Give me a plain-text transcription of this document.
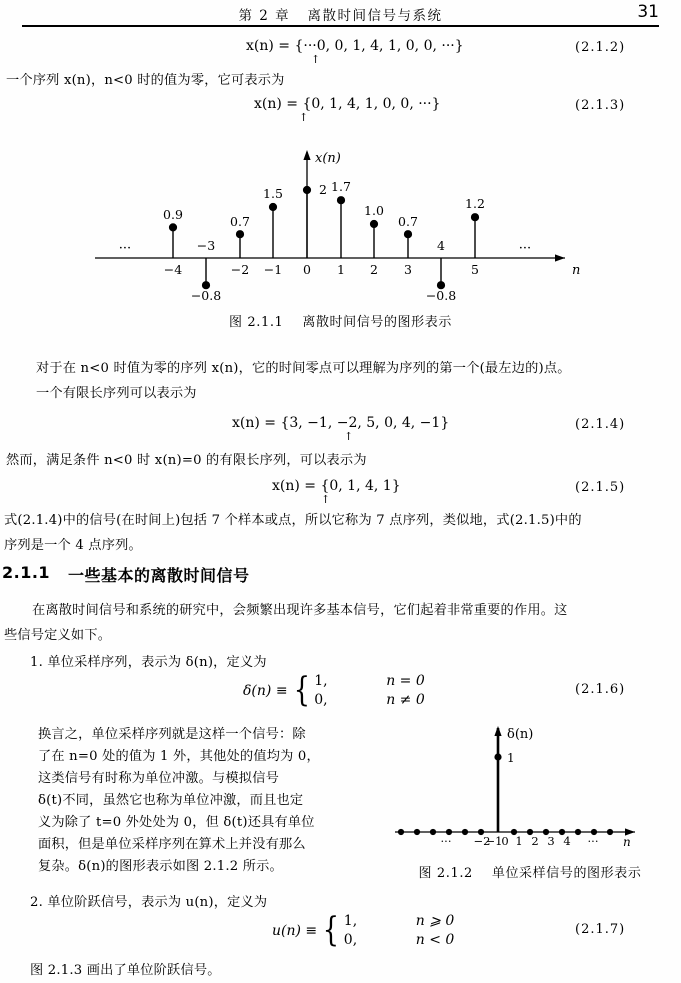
第 2 章   离散时间信号与系统	31
x(n) = {···0, 0, 1, 4, 1, 0, 0, ···}
↑
(2.1.2)
一个序列 x(n)，n<0 时的值为零，它可表示为
x(n) = {0, 1, 4, 1, 0, 0, ···}
↑
(2.1.3)
0.9
−0.8
0.7
1.5	2 1.7
1.0
0.7
−0.8
1.2
−4
−3
−2 −1 0 1 2 3
4
5
···	···
n
x(n)
图 2.1.1    离散时间信号的图形表示
对于在 n<0 时值为零的序列 x(n)，它的时间零点可以理解为序列的第一个(最左边的)点。
一个有限长序列可以表示为
x(n) = {3, −1, −2, 5, 0, 4, −1}
↑
(2.1.4)
然而，满足条件 n<0 时 x(n)=0 的有限长序列，可以表示为
x(n) = {0, 1, 4, 1}
↑
(2.1.5)
式(2.1.4)中的信号(在时间上)包括 7 个样本或点，所以它称为 7 点序列，类似地，式(2.1.5)中的
序列是一个 4 点序列。
2.1.1 一些基本的离散时间信号
在离散时间信号和系统的研究中，会频繁出现许多基本信号，它们起着非常重要的作用。这
些信号定义如下。
1. 单位采样序列，表示为 δ(n)，定义为
δ(n) ≡ { 1,	n = 0
0,	n ≠ 0
(2.1.6)
换言之，单位采样序列就是这样一个信号：除
了在 n=0 处的值为 1 外，其他处的值均为 0，
这类信号有时称为单位冲激。与模拟信号
δ(t)不同，虽然它也称为单位冲激，而且也定
义为除了 t=0 外处处为 0，但 δ(t)还具有单位
面积，但是单位采样序列在算术上并没有那么
复杂。δ(n)的图形表示如图 2.1.2 所示。
1
··· −2
−1
0 1 2 3 4 ··· n
δ(n)
图 2.1.2    单位采样信号的图形表示
2. 单位阶跃信号，表示为 u(n)，定义为
u(n) ≡ { 1,	n ⩾ 0
0,	n < 0
(2.1.7)
图 2.1.3 画出了单位阶跃信号。
